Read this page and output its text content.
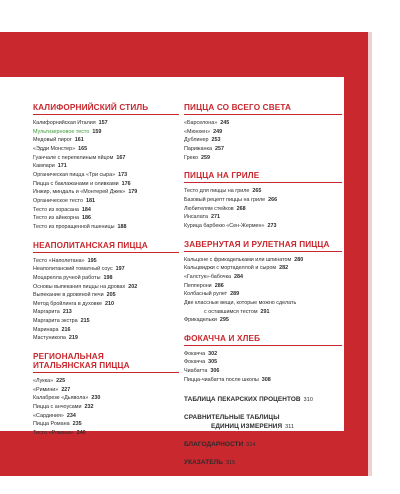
КАЛИФОРНИЙСКИЙ СТИЛЬ
Калифорнийская Италия 157
Мультизерновое тесто 159
Медовый пирог 161
«Эдди Монстер» 165
Гуанчале с перепелиным яйцом 167
Кампари 171
Органическая пицца «Три сыра» 173
Пицца с баклажанами и оливками 176
Инжир, миндаль и «Монтерей Джек» 179
Органическое тесто 181
Тесто из хорасана 184
Тесто из айнкорна 186
Тесто из проращенной пшеницы 188
НЕАПОЛИТАНСКАЯ ПИЦЦА
Тесто «Наполетана» 195
Неаполитанский томатный соус 197
Моцарелла ручной работы 198
Основы выпекания пиццы на дровах 202
Выпекание в дровяной печи 205
Метод бройлинга в духовке 210
Маргарита 213
Маргарита экстра 215
Маринара 216
Мастуникола 219
РЕГИОНАЛЬНАЯ
ИТАЛЬЯНСКАЯ ПИЦЦА
«Лукка» 225
«Римини» 227
Калабрезе «Дьявола» 230
Пицца с анчоусами 232
«Сардиния» 234
Пицца Романа 235
Тесто «Романа» 240
ПИЦЦА СО ВСЕГО СВЕТА
«Барселона» 245
«Мюнхен» 249
Дублинер 253
Парижанка 257
Греко 259
ПИЦЦА НА ГРИЛЕ
Тесто для пиццы на гриле 265
Базовый рецепт пиццы на гриле 266
Любителям стейков 268
Инсалата 271
Курица барбекю «Сен-Жермен» 273
ЗАВЕРНУТАЯ И РУЛЕТНАЯ ПИЦЦА
Кальцоне с фрикадельками или шпинатом 280
Кальцвиджи с мортаделлой и сыром 282
«Галстук»-бабочка 284
Пепперони 286
Колбасный рулет 289
Две классные вещи, которые можно сделать
с оставшимся тестом 291
Фрикадельки 295
ФОКАЧЧА И ХЛЕБ
Фокачча 302
Фокачча 305
Чиабатта 306
Пицца-чиабатта после школы 308
ТАБЛИЦА ПЕКАРСКИХ ПРОЦЕНТОВ 310
СРАВНИТЕЛЬНЫЕ ТАБЛИЦЫ
ЕДИНИЦ ИЗМЕРЕНИЯ 311
БЛАГОДАРНОСТИ 314
УКАЗАТЕЛЬ 315
